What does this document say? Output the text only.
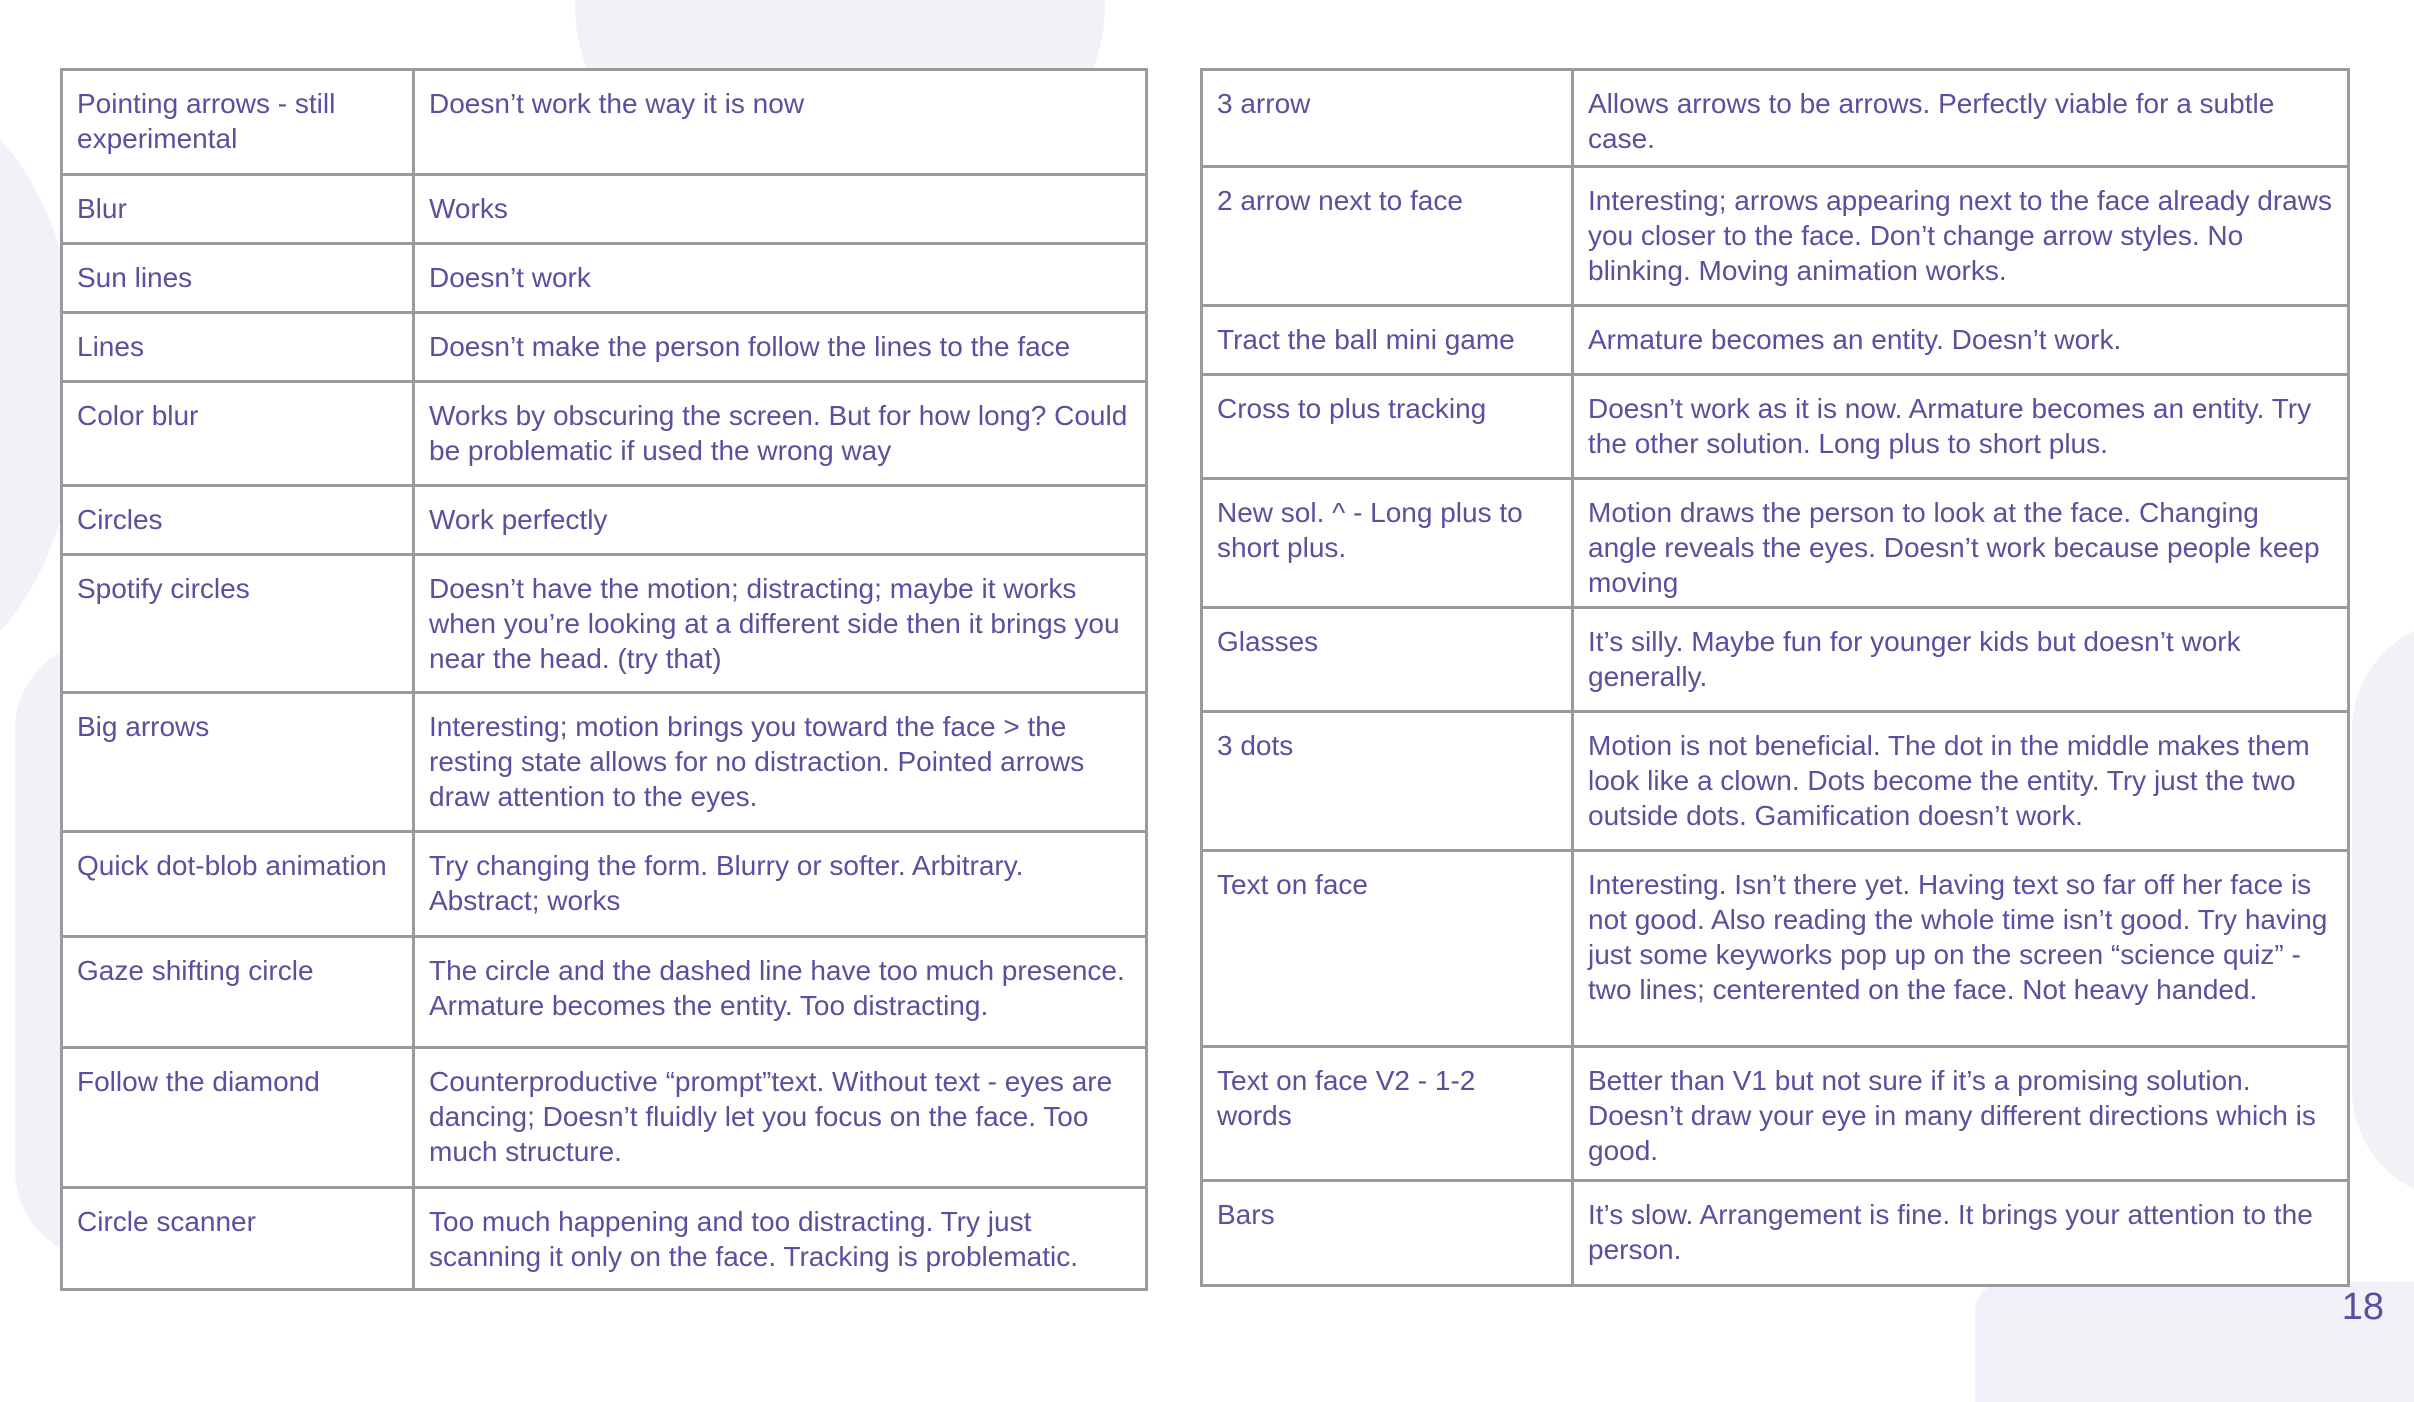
Pointing arrows - still experimental	Doesn’t work the way it is now
Blur	Works
Sun lines	Doesn’t work
Lines	Doesn’t make the person follow the lines to the face
Color blur	Works by obscuring the screen. But for how long? Could be problematic if used the wrong way
Circles	Work perfectly
Spotify circles	Doesn’t have the motion; distracting; maybe it works when you’re looking at a different side then it brings you near the head. (try that)
Big arrows	Interesting; motion brings you toward the face > the resting state allows for no distraction. Pointed arrows draw attention to the eyes.
Quick dot-blob animation	Try changing the form. Blurry or softer. Arbitrary. Abstract; works
Gaze shifting circle	The circle and the dashed line have too much presence. Armature becomes the entity. Too distracting.
Follow the diamond	Counterproductive “prompt”text. Without text - eyes are dancing; Doesn’t fluidly let you focus on the face. Too much structure.
Circle scanner	Too much happening and too distracting. Try just scanning it only on the face. Tracking is problematic.
3 arrow	Allows arrows to be arrows. Perfectly viable for a subtle case.
2 arrow next to face	Interesting; arrows appearing next to the face already draws you closer to the face. Don’t change arrow styles. No blinking. Moving animation works.
Tract the ball mini game	Armature becomes an entity. Doesn’t work.
Cross to plus tracking	Doesn’t work as it is now. Armature becomes an entity. Try the other solution. Long plus to short plus.
New sol. ^ - Long plus to short plus.	Motion draws the person to look at the face. Changing angle reveals the eyes. Doesn’t work because people keep moving
Glasses	It’s silly. Maybe fun for younger kids but doesn’t work generally.
3 dots	Motion is not beneficial. The dot in the middle makes them look like a clown. Dots become the entity. Try just the two outside dots. Gamification doesn’t work.
Text on face	Interesting. Isn’t there yet. Having text so far off her face is not good. Also reading the whole time isn’t good. Try having just some keyworks pop up on the screen “science quiz” - two lines; centerented on the face. Not heavy handed.
Text on face V2 - 1-2 words	Better than V1 but not sure if it’s a promising solution. Doesn’t draw your eye in many different directions which is good.
Bars	It’s slow. Arrangement is fine. It brings your attention to the person.
18
